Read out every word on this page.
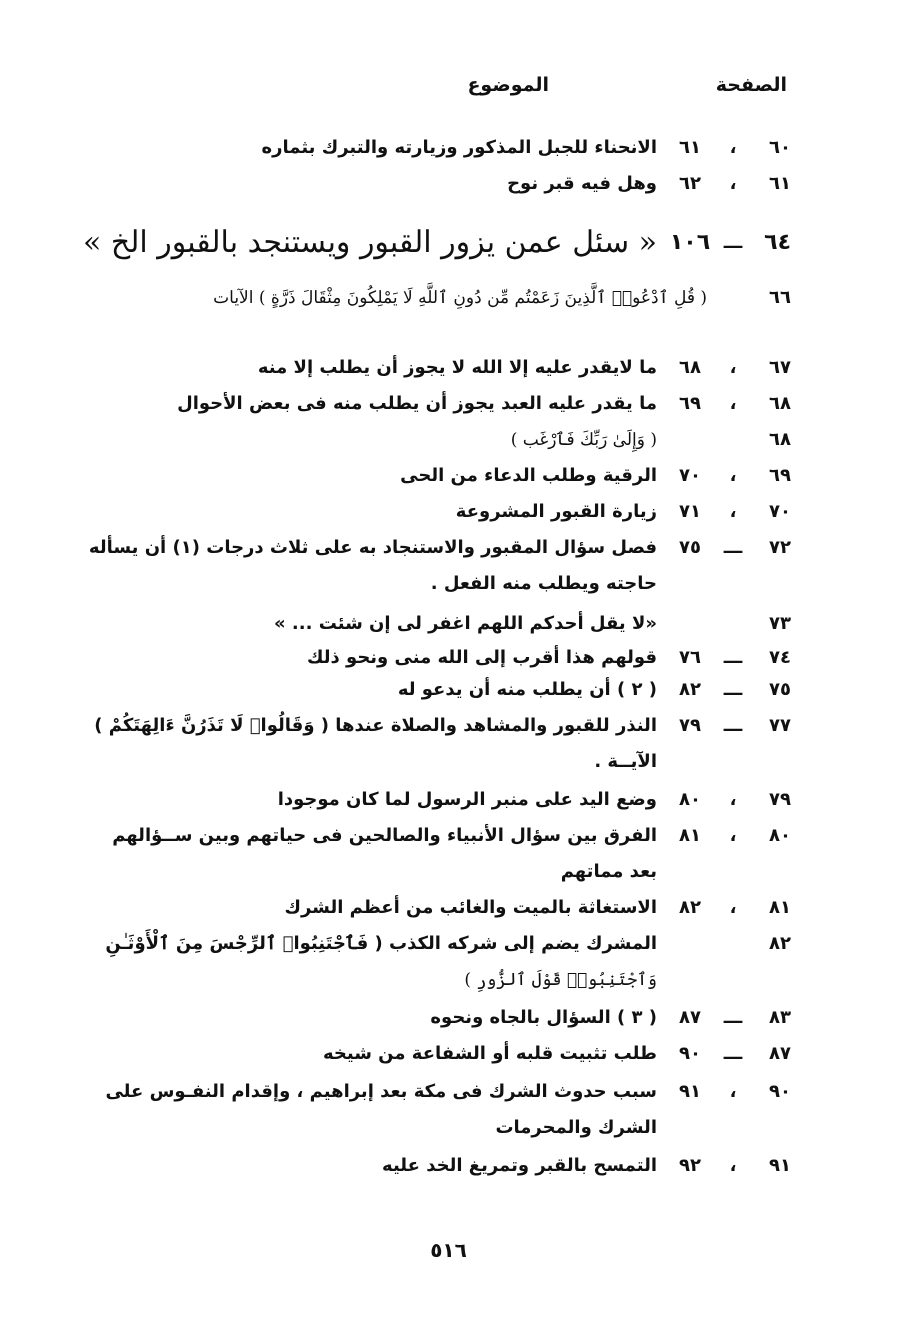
الصفحة
الموضوع
٦٠
،
٦١
الانحناء للجبل المذكور وزيارته والتبرك بثماره
٦١
،
٦٢
وهل فيه قبر نوح
٦٤
ـــ
١٠٦
« سئل عمن يزور القبور ويستنجد بالقبور الخ »
٦٦
( قُلِ ٱدْعُوا۟ ٱلَّذِينَ زَعَمْتُم مِّن دُونِ ٱللَّهِ لَا يَمْلِكُونَ مِثْقَالَ ذَرَّةٍ ) الآيات
٦٧
،
٦٨
ما لايقدر عليه إلا الله لا يجوز أن يطلب إلا منه
٦٨
،
٦٩
ما يقدر عليه العبد يجوز أن يطلب منه فى بعض الأحوال
٦٨
( وَإِلَىٰ رَبِّكَ فَٱرْغَب )
٦٩
،
٧٠
الرقية وطلب الدعاء من الحى
٧٠
،
٧١
زيارة القبور المشروعة
٧٢
ـــ
٧٥
فصل سؤال المقبور والاستنجاد به على ثلاث درجات (١) أن يسأله
حاجته ويطلب منه الفعل .
٧٣
«لا يقل أحدكم اللهم اغفر لى إن شئت ... »
٧٤
ـــ
٧٦
قولهم هذا أقرب إلى الله منى ونحو ذلك
٧٥
ـــ
٨٢
( ٢ ) أن يطلب منه أن يدعو له
٧٧
ـــ
٧٩
النذر للقبور والمشاهد والصلاة عندها ( وَقَالُوا۟ لَا تَذَرُنَّ ءَالِهَتَكُمْ ) الآيــة .
٧٩
،
٨٠
وضع اليد على منبر الرسول لما كان موجودا
٨٠
،
٨١
الفرق بين سؤال الأنبياء والصالحين فى حياتهم وبين ســؤالهم
بعد مماتهم
٨١
،
٨٢
الاستغاثة بالميت والغائب من أعظم الشرك
٨٢
المشرك يضم إلى شركه الكذب ( فَٱجْتَنِبُوا۟ ٱلرِّجْسَ مِنَ ٱلْأَوْثَـٰنِ
وَٱجْتَنِبُوا۟ قَوْلَ ٱلزُّورِ )
٨٣
ـــ
٨٧
( ٣ ) السؤال بالجاه ونحوه
٨٧
ـــ
٩٠
طلب تثبيت قلبه أو الشفاعة من شيخه
٩٠
،
٩١
سبب حدوث الشرك فى مكة بعد إبراهيم ، وإقدام النفـوس على
الشرك والمحرمات
٩١
،
٩٢
التمسح بالقبر وتمريغ الخد عليه
٥١٦
